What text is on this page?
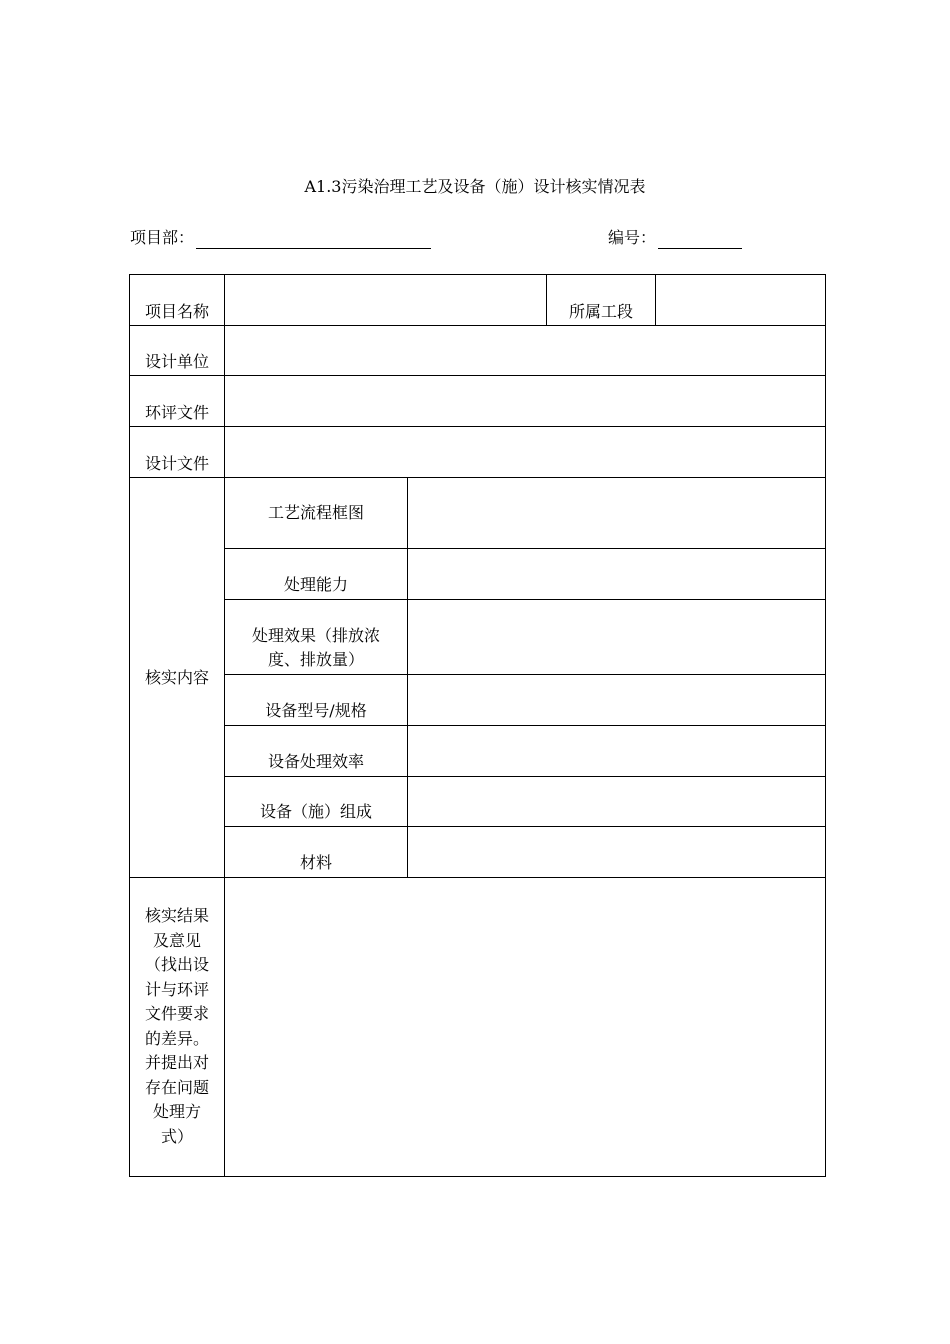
A1.3污染治理工艺及设备（施）设计核实情况表
项目部：	编号：
项目名称			所属工段	
设计单位				
环评文件				
设计文件				
核实内容	工艺流程框图			
	处理能力			
	处理效果（排放浓度、排放量）			
	设备型号/规格			
	设备处理效率			
	设备（施）组成			
	材料			
核实结果及意见（找出设计与环评文件要求的差异。并提出对存在问题处理方式）				
